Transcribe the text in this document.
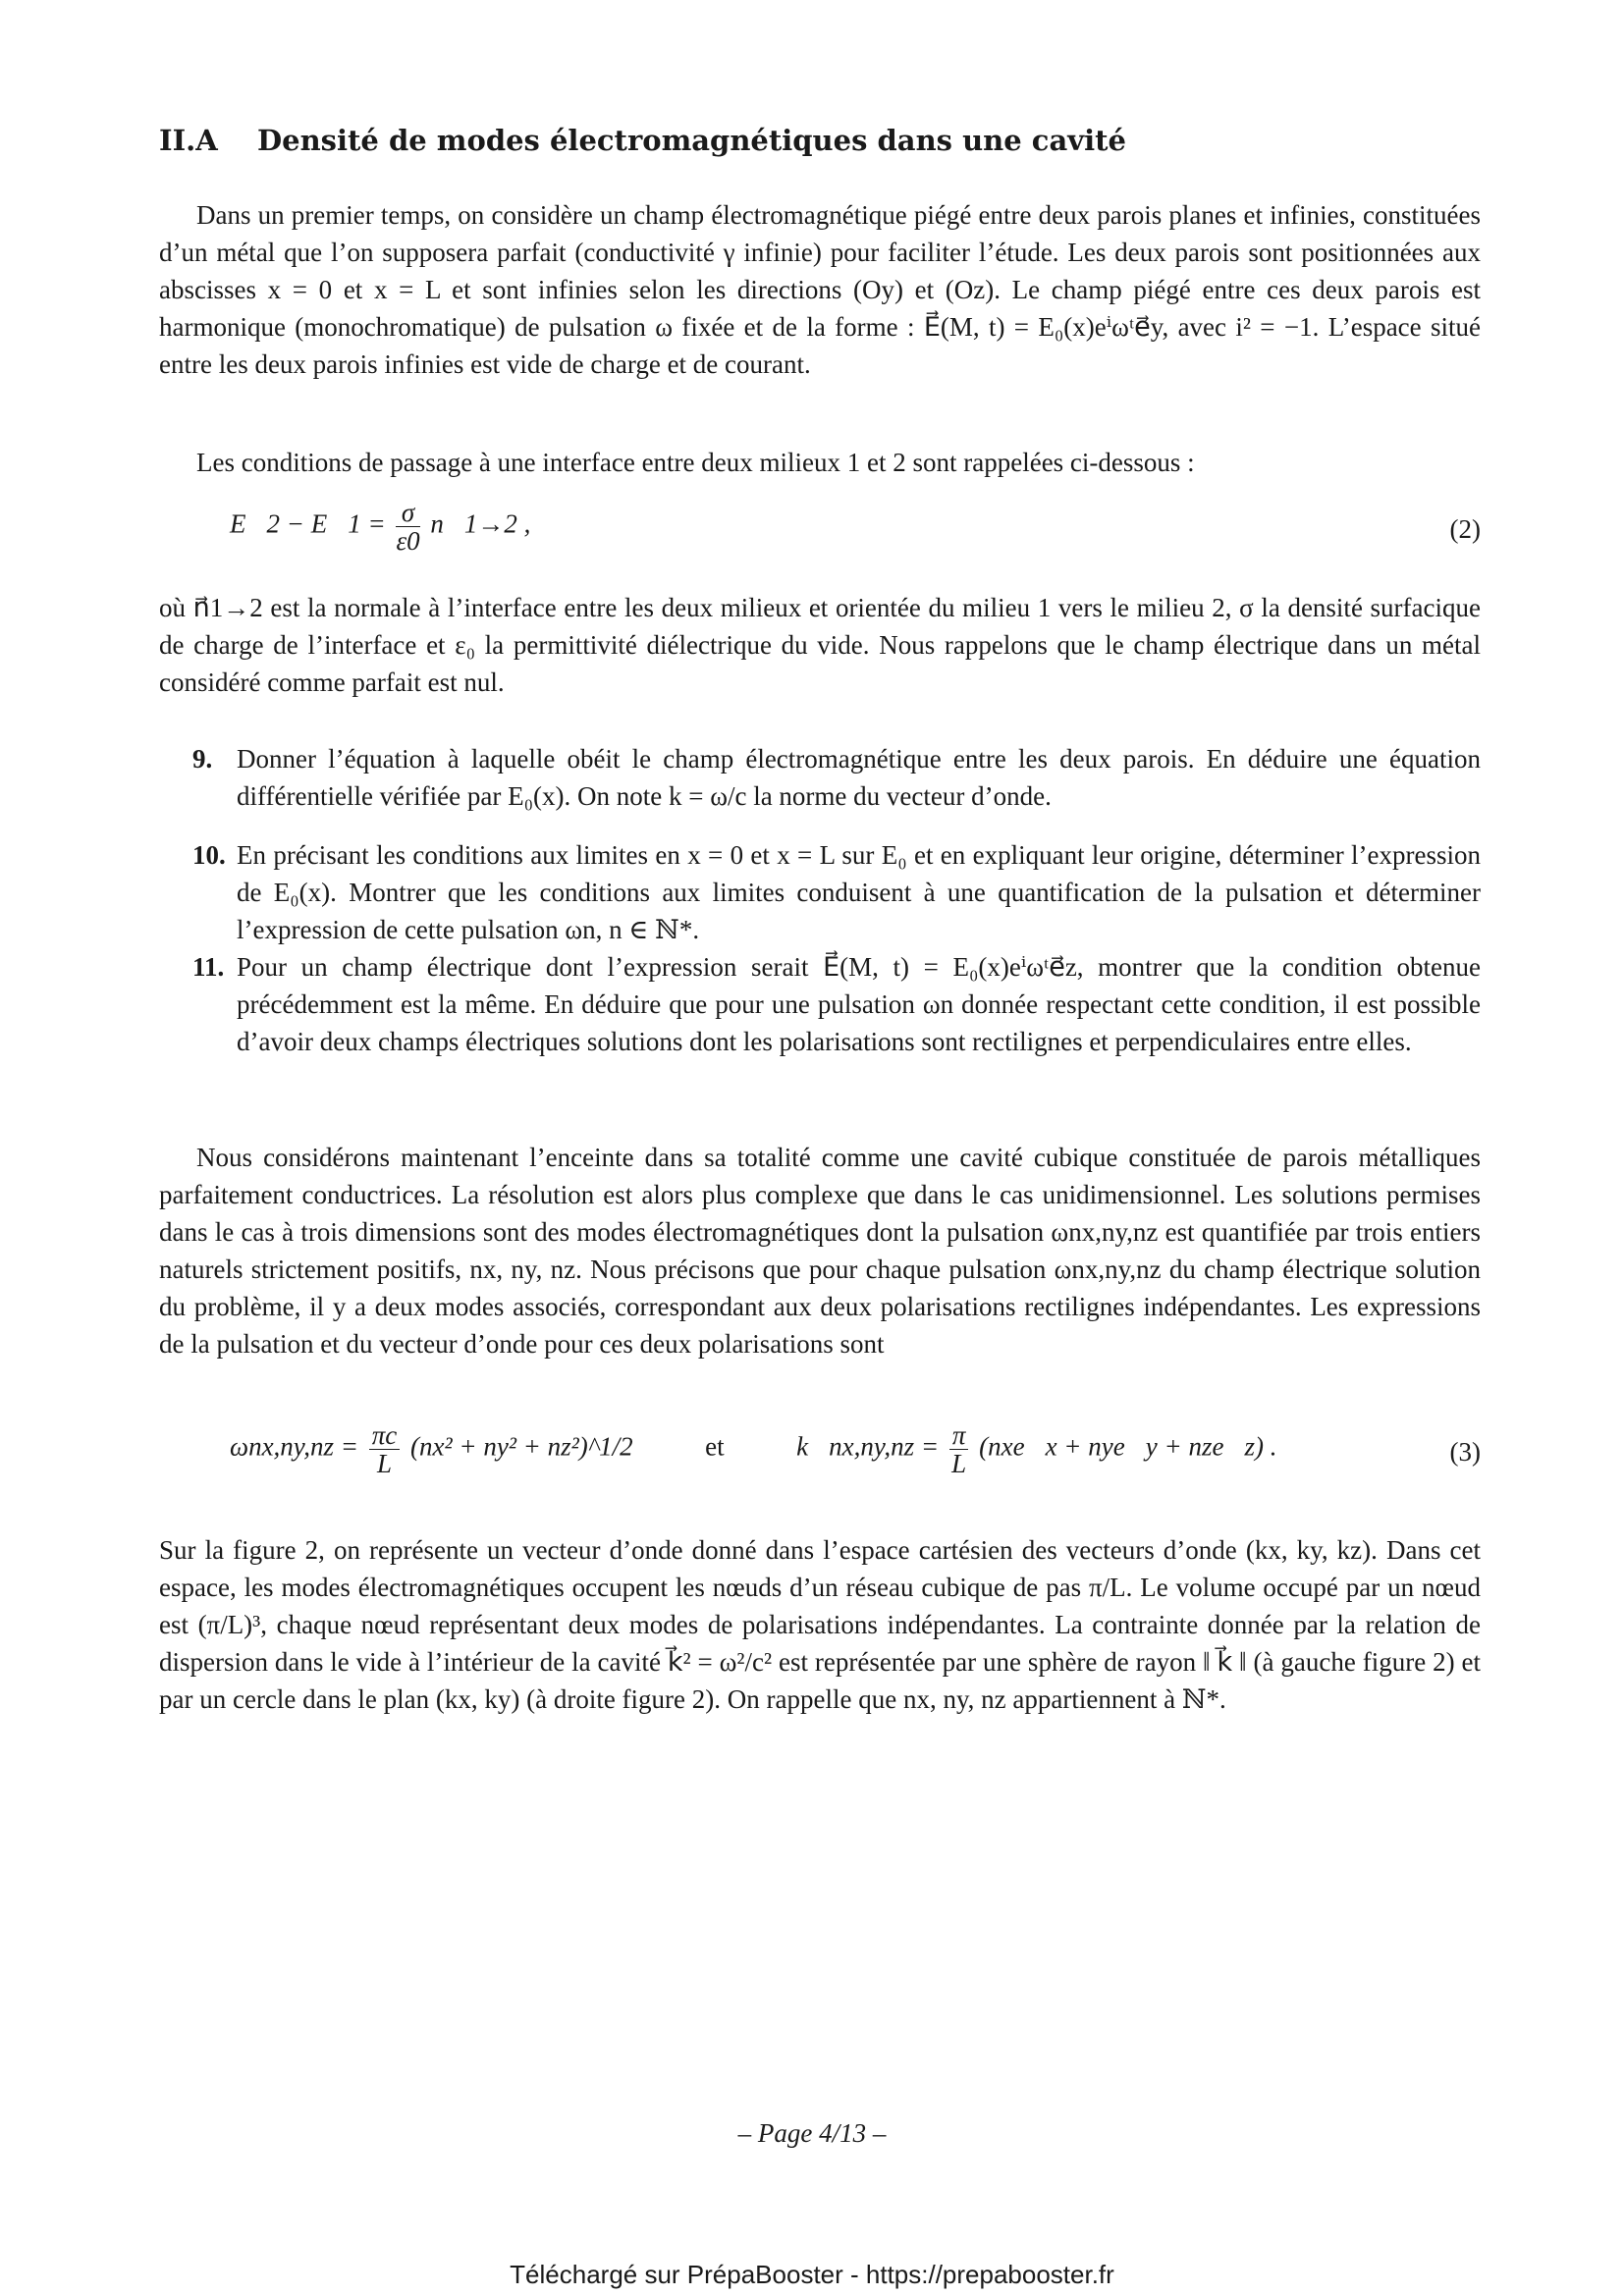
II.A Densité de modes électromagnétiques dans une cavité

Dans un premier temps, on considère un champ électromagnétique piégé entre deux parois planes et infinies, constituées d’un métal que l’on supposera parfait (conductivité γ infinie) pour faciliter l’étude. Les deux parois sont positionnées aux abscisses x = 0 et x = L et sont infinies selon les directions (Oy) et (Oz). Le champ piégé entre ces deux parois est harmonique (monochromatique) de pulsation ω fixée et de la forme : E⃗(M, t) = E₀(x)eⁱωᵗe⃗y, avec i² = −1. L’espace situé entre les deux parois infinies est vide de charge et de courant.

Les conditions de passage à une interface entre deux milieux 1 et 2 sont rappelées ci-dessous :

E⃗2 − E⃗1 = $\frac{\sigma}{\varepsilon 0}$ n⃗1→2 ,	(2)

où n⃗1→2 est la normale à l’interface entre les deux milieux et orientée du milieu 1 vers le milieu 2, σ la densité surfacique de charge de l’interface et ε₀ la permittivité diélectrique du vide. Nous rappelons que le champ électrique dans un métal considéré comme parfait est nul.

9. Donner l’équation à laquelle obéit le champ électromagnétique entre les deux parois. En déduire une équation différentielle vérifiée par E₀(x). On note k = ω/c la norme du vecteur d’onde.
10. En précisant les conditions aux limites en x = 0 et x = L sur E₀ et en expliquant leur origine, déterminer l’expression de E₀(x). Montrer que les conditions aux limites conduisent à une quantification de la pulsation et déterminer l’expression de cette pulsation ωn, n ∈ ℕ*.
11. Pour un champ électrique dont l’expression serait E⃗(M, t) = E₀(x)eⁱωᵗe⃗z, montrer que la condition obtenue précédemment est la même. En déduire que pour une pulsation ωn donnée respectant cette condition, il est possible d’avoir deux champs électriques solutions dont les polarisations sont rectilignes et perpendiculaires entre elles.

Nous considérons maintenant l’enceinte dans sa totalité comme une cavité cubique constituée de parois métalliques parfaitement conductrices. La résolution est alors plus complexe que dans le cas unidimensionnel. Les solutions permises dans le cas à trois dimensions sont des modes électromagnétiques dont la pulsation ωnx,ny,nz est quantifiée par trois entiers naturels strictement positifs, nx, ny, nz. Nous précisons que pour chaque pulsation ωnx,ny,nz du champ électrique solution du problème, il y a deux modes associés, correspondant aux deux polarisations rectilignes indépendantes. Les expressions de la pulsation et du vecteur d’onde pour ces deux polarisations sont

$\omega nx,ny,nz = \frac{\pi c}{L} (nx^2 + ny^2$ + nz²)^1/2	et	k⃗nx,ny,nz = $\frac{\pi}{L}$ (nxe⃗x + nye⃗y + nze⃗z) .	(3)

Sur la figure 2, on représente un vecteur d’onde donné dans l’espace cartésien des vecteurs d’onde (kx, ky, kz). Dans cet espace, les modes électromagnétiques occupent les nœuds d’un réseau cubique de pas π/L. Le volume occupé par un nœud est (π/L)³, chaque nœud représentant deux modes de polarisations indépendantes. La contrainte donnée par la relation de dispersion dans le vide à l’intérieur de la cavité k⃗² = ω²/c² est représentée par une sphère de rayon ‖ k⃗ ‖ (à gauche figure 2) et par un cercle dans le plan (kx, ky) (à droite figure 2). On rappelle que nx, ny, nz appartiennent à ℕ*.

– Page 4/13 –
Téléchargé sur PrépaBooster - https://prepabooster.fr
